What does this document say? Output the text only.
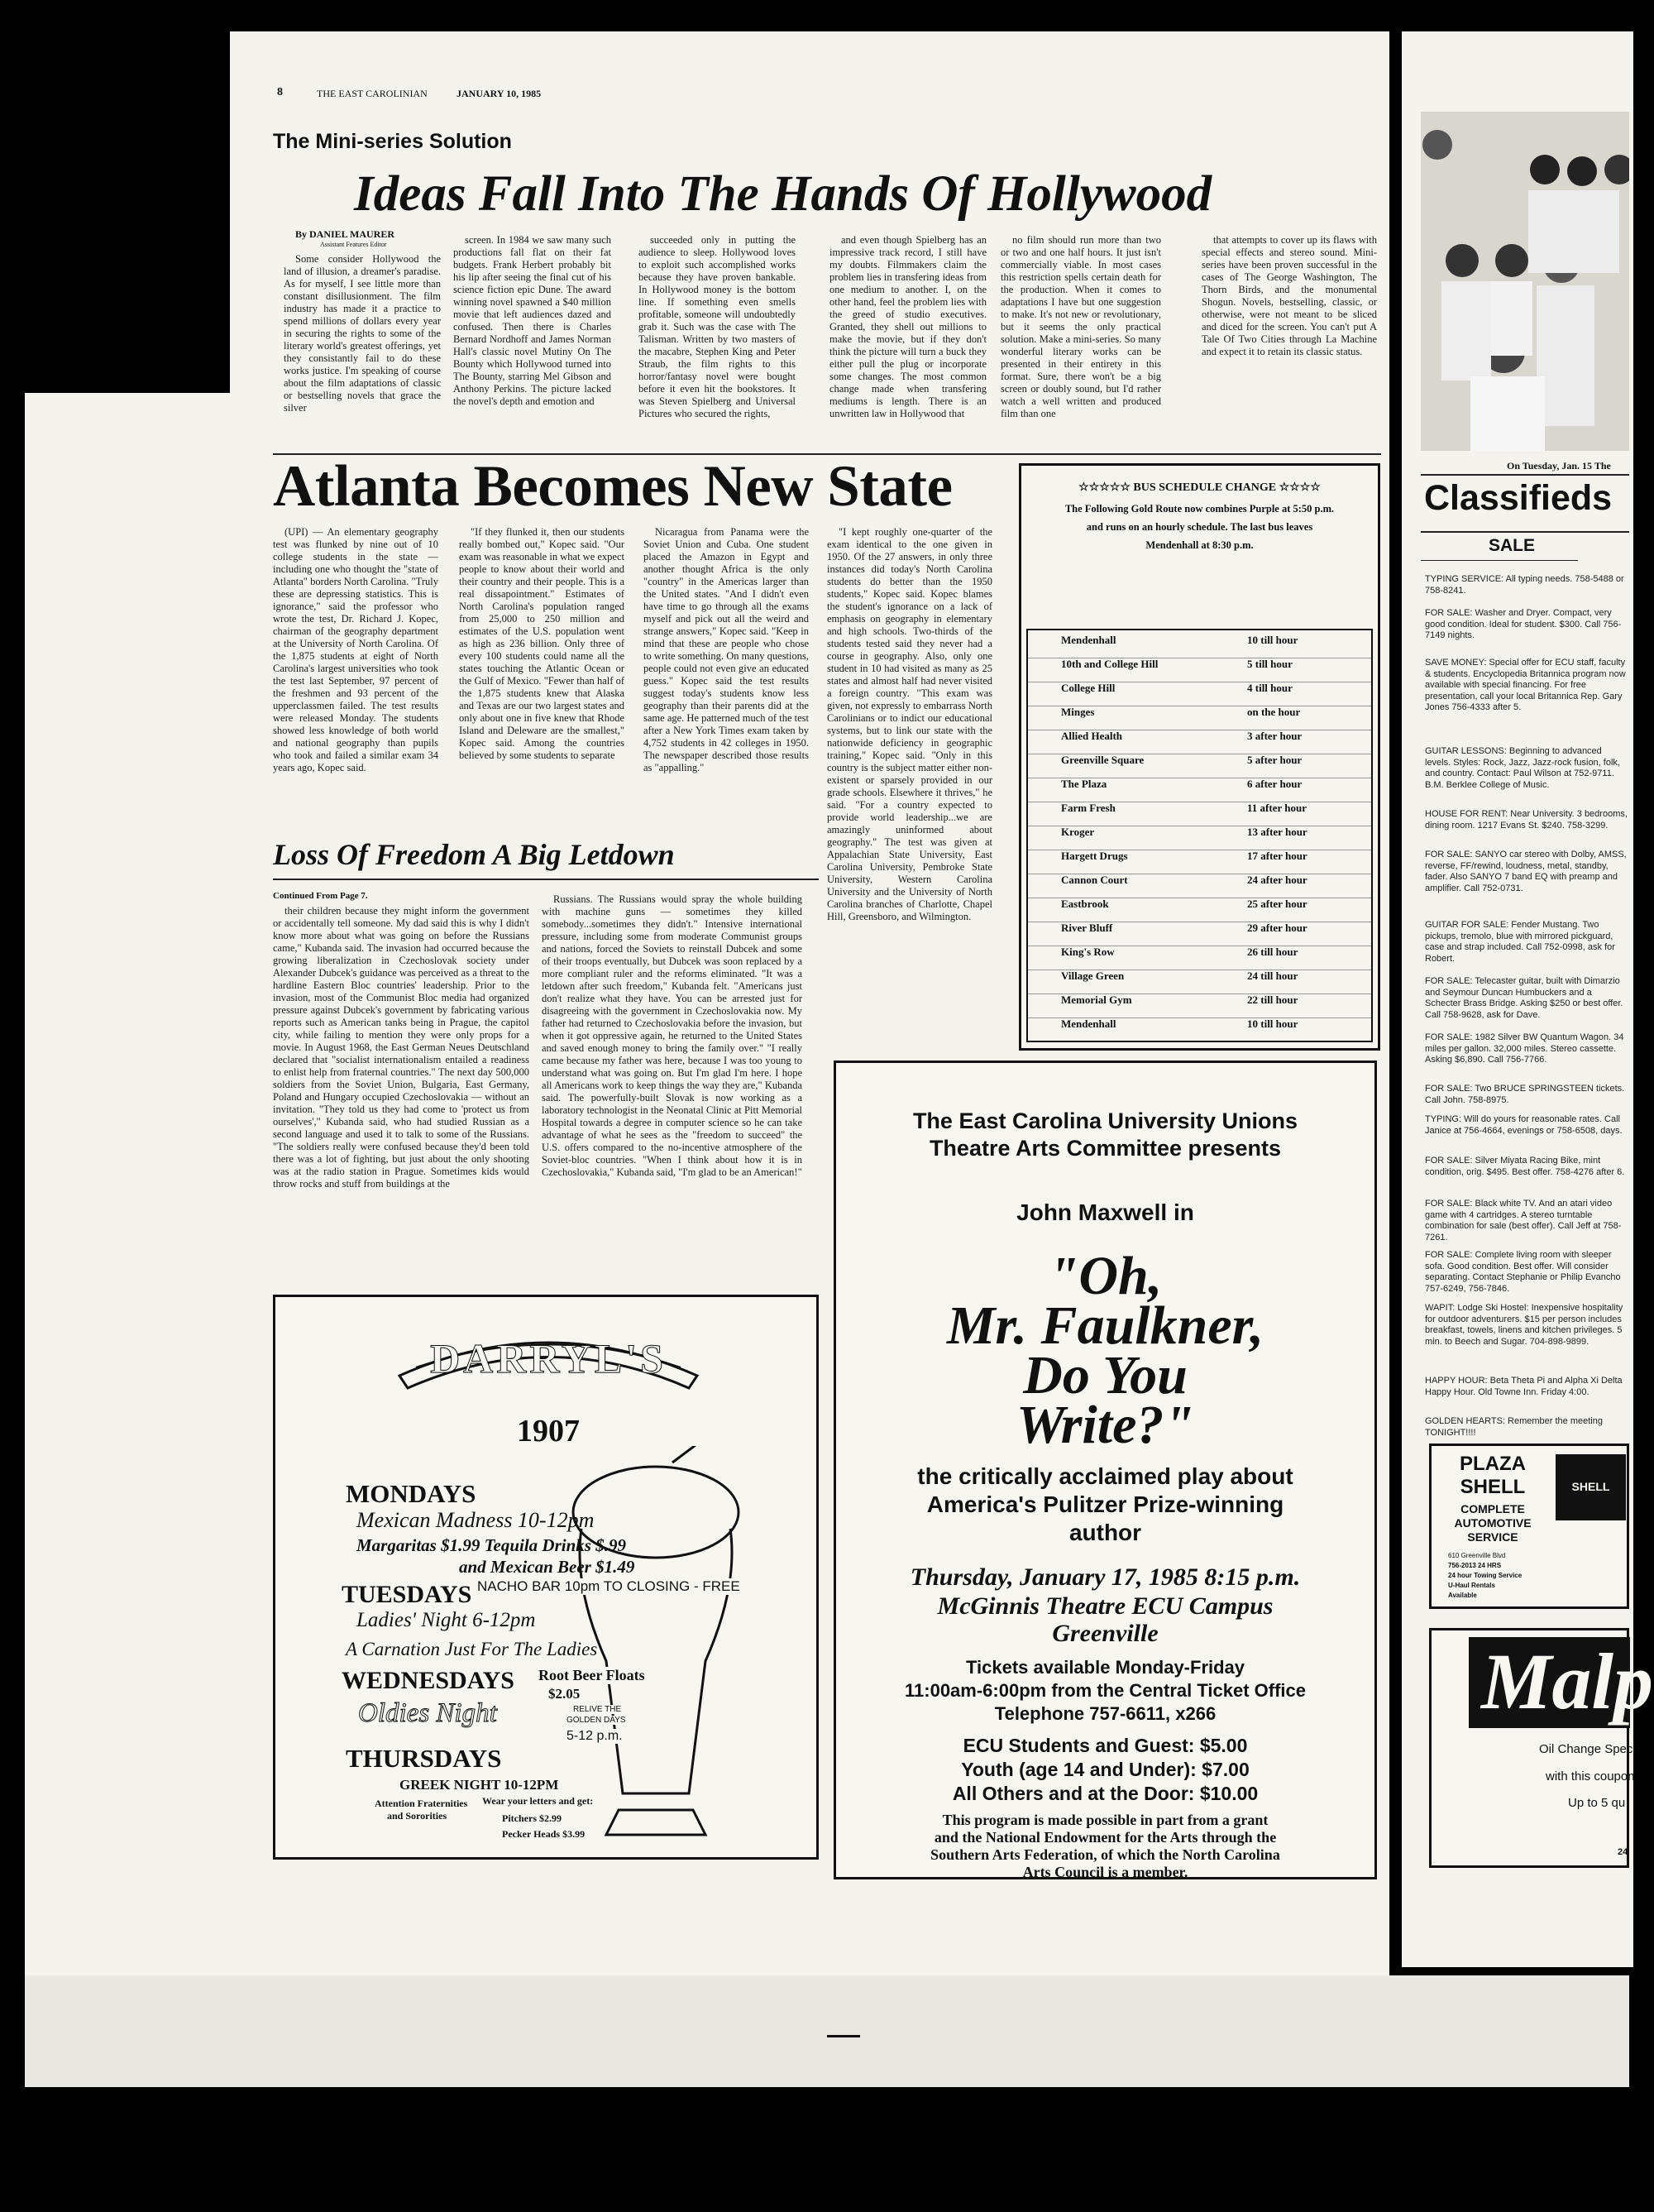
8	THE EAST CAROLINIAN	JANUARY 10, 1985
The Mini-series Solution
Ideas Fall Into The Hands Of Hollywood
By DANIEL MAURER
Assistant Features Editor

Some consider Hollywood the land of illusion, a dreamer's paradise. As for myself, I see little more than constant disillusionment. The film industry has made it a practice to spend millions of dollars every year in securing the rights to some of the literary world's greatest offerings, yet they consistantly fail to do these works justice. I'm speaking of course about the film adaptations of classic or bestselling novels that grace the silver

screen. In 1984 we saw many such productions fall flat on their fat budgets. Frank Herbert probably bit his lip after seeing the final cut of his science fiction epic Dune. The award winning novel spawned a $40 million movie that left audiences dazed and confused. Then there is Charles Bernard Nordhoff and James Norman Hall's classic novel Mutiny On The Bounty which Hollywood turned into The Bounty, starring Mel Gibson and Anthony Perkins. The picture lacked the novel's depth and emotion and

succeeded only in putting the audience to sleep. Hollywood loves to exploit such accomplished works because they have proven bankable. In Hollywood money is the bottom line. If something even smells profitable, someone will undoubtedly grab it. Such was the case with The Talisman. Written by two masters of the macabre, Stephen King and Peter Straub, the film rights to this horror/fantasy novel were bought before it even hit the bookstores. It was Steven Spielberg and Universal Pictures who secured the rights,

and even though Spielberg has an impressive track record, I still have my doubts. Filmmakers claim the problem lies in transfering ideas from one medium to another. I, on the other hand, feel the problem lies with the greed of studio executives. Granted, they shell out millions to make the movie, but if they don't think the picture will turn a buck they either pull the plug or incorporate some changes. The most common change made when transfering mediums is length. There is an unwritten law in Hollywood that

no film should run more than two or two and one half hours. It just isn't commercially viable. In most cases this restriction spells certain death for the production. When it comes to adaptations I have but one suggestion to make. It's not new or revolutionary, but it seems the only practical solution. Make a mini-series. So many wonderful literary works can be presented in their entirety in this format. Sure, there won't be a big screen or doubly sound, but I'd rather watch a well written and produced film than one

that attempts to cover up its flaws with special effects and stereo sound. Mini-series have been proven successful in the cases of The George Washington, The Thorn Birds, and the monumental Shogun. Novels, bestselling, classic, or otherwise, were not meant to be sliced and diced for the screen. You can't put A Tale Of Two Cities through La Machine and expect it to retain its classic status.

Atlanta Becomes New State

(UPI) — An elementary geography test was flunked by nine out of 10 college students in the state — including one who thought the "state of Atlanta" borders North Carolina. "Truly these are depressing statistics. This is ignorance," said the professor who wrote the test, Dr. Richard J. Kopec, chairman of the geography department at the University of North Carolina. Of the 1,875 students at eight of North Carolina's largest universities who took the test last September, 97 percent of the freshmen and 93 percent of the upperclassmen failed. The test results were released Monday. The students showed less knowledge of both world and national geography than pupils who took and failed a similar exam 34 years ago, Kopec said.

"If they flunked it, then our students really bombed out," Kopec said. "Our exam was reasonable in what we expect people to know about their world and their country and their people. This is a real dissapointment." Estimates of North Carolina's population ranged from 25,000 to 250 million and estimates of the U.S. population went as high as 236 billion. Only three of every 100 students could name all the states touching the Atlantic Ocean or the Gulf of Mexico. "Fewer than half of the 1,875 students knew that Alaska and Texas are our two largest states and only about one in five knew that Rhode Island and Deleware are the smallest," Kopec said. Among the countries believed by some students to separate

Nicaragua from Panama were the Soviet Union and Cuba. One student placed the Amazon in Egypt and another thought Africa is the only "country" in the Americas larger than the United states. "And I didn't even have time to go through all the exams myself and pick out all the weird and strange answers," Kopec said. "Keep in mind that these are people who chose to write something. On many questions, people could not even give an educated guess." Kopec said the test results suggest today's students know less geography than their parents did at the same age. He patterned much of the test after a New York Times exam taken by 4,752 students in 42 colleges in 1950. The newspaper described those results as "appalling."

"I kept roughly one-quarter of the exam identical to the one given in 1950. Of the 27 answers, in only three instances did today's North Carolina students do better than the 1950 students," Kopec said. Kopec blames the student's ignorance on a lack of emphasis on geography in elementary and high schools. Two-thirds of the students tested said they never had a course in geography. Also, only one student in 10 had visited as many as 25 states and almost half had never visited a foreign country. "This exam was given, not expressly to embarrass North Carolinians or to indict our educational systems, but to link our state with the nationwide deficiency in geographic training," Kopec said. "Only in this country is the subject matter either non-existent or sparsely provided in our grade schools. Elsewhere it thrives," he said. "For a country expected to provide world leadership...we are amazingly uninformed about geography." The test was given at Appalachian State University, East Carolina University, Pembroke State University, Western Carolina University and the University of North Carolina branches of Charlotte, Chapel Hill, Greensboro, and Wilmington.

☆☆☆☆☆ BUS SCHEDULE CHANGE ☆☆☆☆
The Following Gold Route now combines Purple at 5:50 p.m.
and runs on an hourly schedule. The last bus leaves
Mendenhall at 8:30 p.m.
Mendenhall	10 till hour
10th and College Hill	5 till hour
College Hill	4 till hour
Minges	on the hour
Allied Health	3 after hour
Greenville Square	5 after hour
The Plaza	6 after hour
Farm Fresh	11 after hour
Kroger	13 after hour
Hargett Drugs	17 after hour
Cannon Court	24 after hour
Eastbrook	25 after hour
River Bluff	29 after hour
King's Row	26 till hour
Village Green	24 till hour
Memorial Gym	22 till hour
Mendenhall	10 till hour
Loss Of Freedom A Big Letdown
Continued From Page 7.

their children because they might inform the government or accidentally tell someone. My dad said this is why I didn't know more about what was going on before the Russians came," Kubanda said. The invasion had occurred because the growing liberalization in Czechoslovak society under Alexander Dubcek's guidance was perceived as a threat to the hardline Eastern Bloc countries' leadership. Prior to the invasion, most of the Communist Bloc media had organized pressure against Dubcek's government by fabricating various reports such as American tanks being in Prague, the capitol city, while failing to mention they were only props for a movie. In August 1968, the East German Neues Deutschland declared that "socialist internationalism entailed a readiness to enlist help from fraternal countries." The next day 500,000 soldiers from the Soviet Union, Bulgaria, East Germany, Poland and Hungary occupied Czechoslovakia — without an invitation. "They told us they had come to 'protect us from ourselves'," Kubanda said, who had studied Russian as a second language and used it to talk to some of the Russians. "The soldiers really were confused because they'd been told there was a lot of fighting, but just about the only shooting was at the radio station in Prague. Sometimes kids would throw rocks and stuff from buildings at the

Russians. The Russians would spray the whole building with machine guns — sometimes they killed somebody...sometimes they didn't." Intensive international pressure, including some from moderate Communist groups and nations, forced the Soviets to reinstall Dubcek and some of their troops eventually, but Dubcek was soon replaced by a more compliant ruler and the reforms eliminated. "It was a letdown after such freedom," Kubanda felt. "Americans just don't realize what they have. You can be arrested just for disagreeing with the government in Czechoslovakia now. My father had returned to Czechoslovakia before the invasion, but when it got oppressive again, he returned to the United States and saved enough money to bring the family over." "I really came because my father was here, because I was too young to understand what was going on. But I'm glad I'm here. I hope all Americans work to keep things the way they are," Kubanda said. The powerfully-built Slovak is now working as a laboratory technologist in the Neonatal Clinic at Pitt Memorial Hospital towards a degree in computer science so he can take advantage of what he sees as the "freedom to succeed" the U.S. offers compared to the no-incentive atmosphere of the Soviet-bloc countries. "When I think about how it is in Czechoslovakia," Kubanda said, "I'm glad to be an American!"

DARRYL'S
1907
MONDAYS
Mexican Madness 10-12pm
Margaritas $1.99 Tequila Drinks $.99
and Mexican Beer $1.49
TUESDAYS NACHO BAR 10pm TO CLOSING - FREE
Ladies' Night 6-12pm
A Carnation Just For The Ladies
WEDNESDAYS Root Beer Floats
$2.05
Oldies Night	RELIVE THE
GOLDEN DAYS
5-12 p.m.
THURSDAYS
GREEK NIGHT 10-12PM
Attention Fraternities
and Sororities
Wear your letters and get:
Pitchers $2.99
Pecker Heads $3.99
The East Carolina University Unions
Theatre Arts Committee presents
John Maxwell in
"Oh,
Mr. Faulkner,
Do You
Write?"
the critically acclaimed play about
America's Pulitzer Prize-winning
author
Thursday, January 17, 1985 8:15 p.m.
McGinnis Theatre ECU Campus
Greenville
Tickets available Monday-Friday
11:00am-6:00pm from the Central Ticket Office
Telephone 757-6611, x266
ECU Students and Guest: $5.00
Youth (age 14 and Under): $7.00
All Others and at the Door: $10.00
This program is made possible in part from a grant
and the National Endowment for the Arts through the
Southern Arts Federation, of which the North Carolina
Arts Council is a member.
THE EAST CAROLINIAN
On Tuesday, Jan. 15 The
Classifieds
SALE
TYPING SERVICE: All typing needs. 758-5488 or 758-8241.
FOR SALE: Washer and Dryer. Compact, very good condition. Ideal for student. $300. Call 756-7149 nights.
SAVE MONEY: Special offer for ECU staff, faculty & students. Encyclopedia Britannica program now available with special financing. For free presentation, call your local Britannica Rep. Gary Jones 756-4333 after 5.
GUITAR LESSONS: Beginning to advanced levels. Styles: Rock, Jazz, Jazz-rock fusion, folk, and country. Contact: Paul Wilson at 752-9711. B.M. Berklee College of Music.
HOUSE FOR RENT: Near University. 3 bedrooms, dining room. 1217 Evans St. $240. 758-3299.
FOR SALE: SANYO car stereo with Dolby, AMSS, reverse, FF/rewind, loudness, metal, standby, fader. Also SANYO 7 band EQ with preamp and amplifier. Call 752-0731.
GUITAR FOR SALE: Fender Mustang. Two pickups, tremolo, blue with mirrored pickguard, case and strap included. Call 752-0998, ask for Robert.
FOR SALE: Telecaster guitar, built with Dimarzio and Seymour Duncan Humbuckers and a Schecter Brass Bridge. Asking $250 or best offer. Call 758-9628, ask for Dave.
FOR SALE: 1982 Silver BW Quantum Wagon. 34 miles per gallon. 32,000 miles. Stereo cassette. Asking $6,890. Call 756-7766.
FOR SALE: Two BRUCE SPRINGSTEEN tickets. Call John. 758-8975.
TYPING: Will do yours for reasonable rates. Call Janice at 756-4664, evenings or 758-6508, days.
FOR SALE: Silver Miyata Racing Bike, mint condition, orig. $495. Best offer. 758-4276 after 6.
FOR SALE: Black white TV. And an atari video game with 4 cartridges. A stereo turntable combination for sale (best offer). Call Jeff at 758-7261.
FOR SALE: Complete living room with sleeper sofa. Good condition. Best offer. Will consider separating. Contact Stephanie or Philip Evancho 757-6249, 756-7846.
WAPIT: Lodge Ski Hostel: Inexpensive hospitality for outdoor adventurers. $15 per person includes breakfast, towels, linens and kitchen privileges. 5 min. to Beech and Sugar. 704-898-9899.
HAPPY HOUR: Beta Theta Pi and Alpha Xi Delta Happy Hour. Old Towne Inn. Friday 4:00.
GOLDEN HEARTS: Remember the meeting TONIGHT!!!!
PLAZA
SHELL
COMPLETE
AUTOMOTIVE
SERVICE
SHELL
610 Greenville Blvd
756-2013 24 HRS
24 hour Towing Service
U-Haul Rentals
Available
Malp
Oil Change Speci
with this coupon
Up to 5 qu
24
